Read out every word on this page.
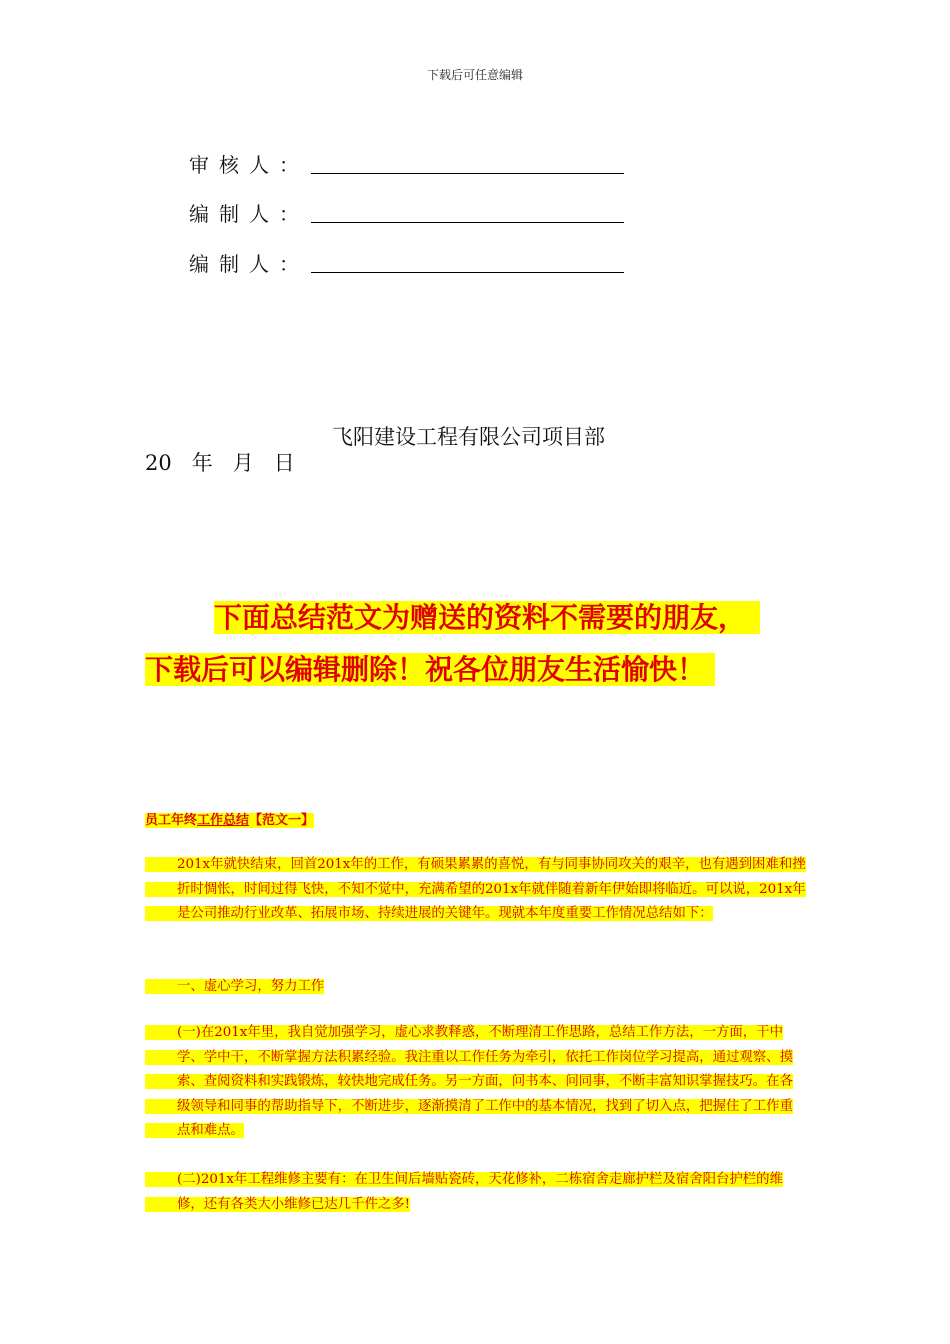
下载后可任意编辑
审核人：
编制人：
编制人：
飞阳建设工程有限公司项目部
20   年   月   日
下面总结范文为赠送的资料不需要的朋友，
下载后可以编辑删除！祝各位朋友生活愉快！
员工年终工作总结【范文一】
201x年就快结束，回首201x年的工作，有硕果累累的喜悦，有与同事协同攻关的艰辛，也有遇到困难和挫折时惆怅，时间过得飞快，不知不觉中，充满希望的201x年就伴随着新年伊始即将临近。可以说，201x年是公司推动行业改革、拓展市场、持续进展的关键年。现就本年度重要工作情况总结如下：
一、虚心学习，努力工作
(一)在201x年里，我自觉加强学习，虚心求教释惑，不断理清工作思路，总结工作方法，一方面，干中学、学中干，不断掌握方法积累经验。我注重以工作任务为牵引，依托工作岗位学习提高，通过观察、摸索、查阅资料和实践锻炼，较快地完成任务。另一方面，问书本、问同事，不断丰富知识掌握技巧。在各级领导和同事的帮助指导下，不断进步，逐渐摸清了工作中的基本情况，找到了切入点，把握住了工作重点和难点。
(二)201x年工程维修主要有：在卫生间后墙贴瓷砖，天花修补，二栋宿舍走廊护栏及宿舍阳台护栏的维修，还有各类大小维修已达几千件之多!
